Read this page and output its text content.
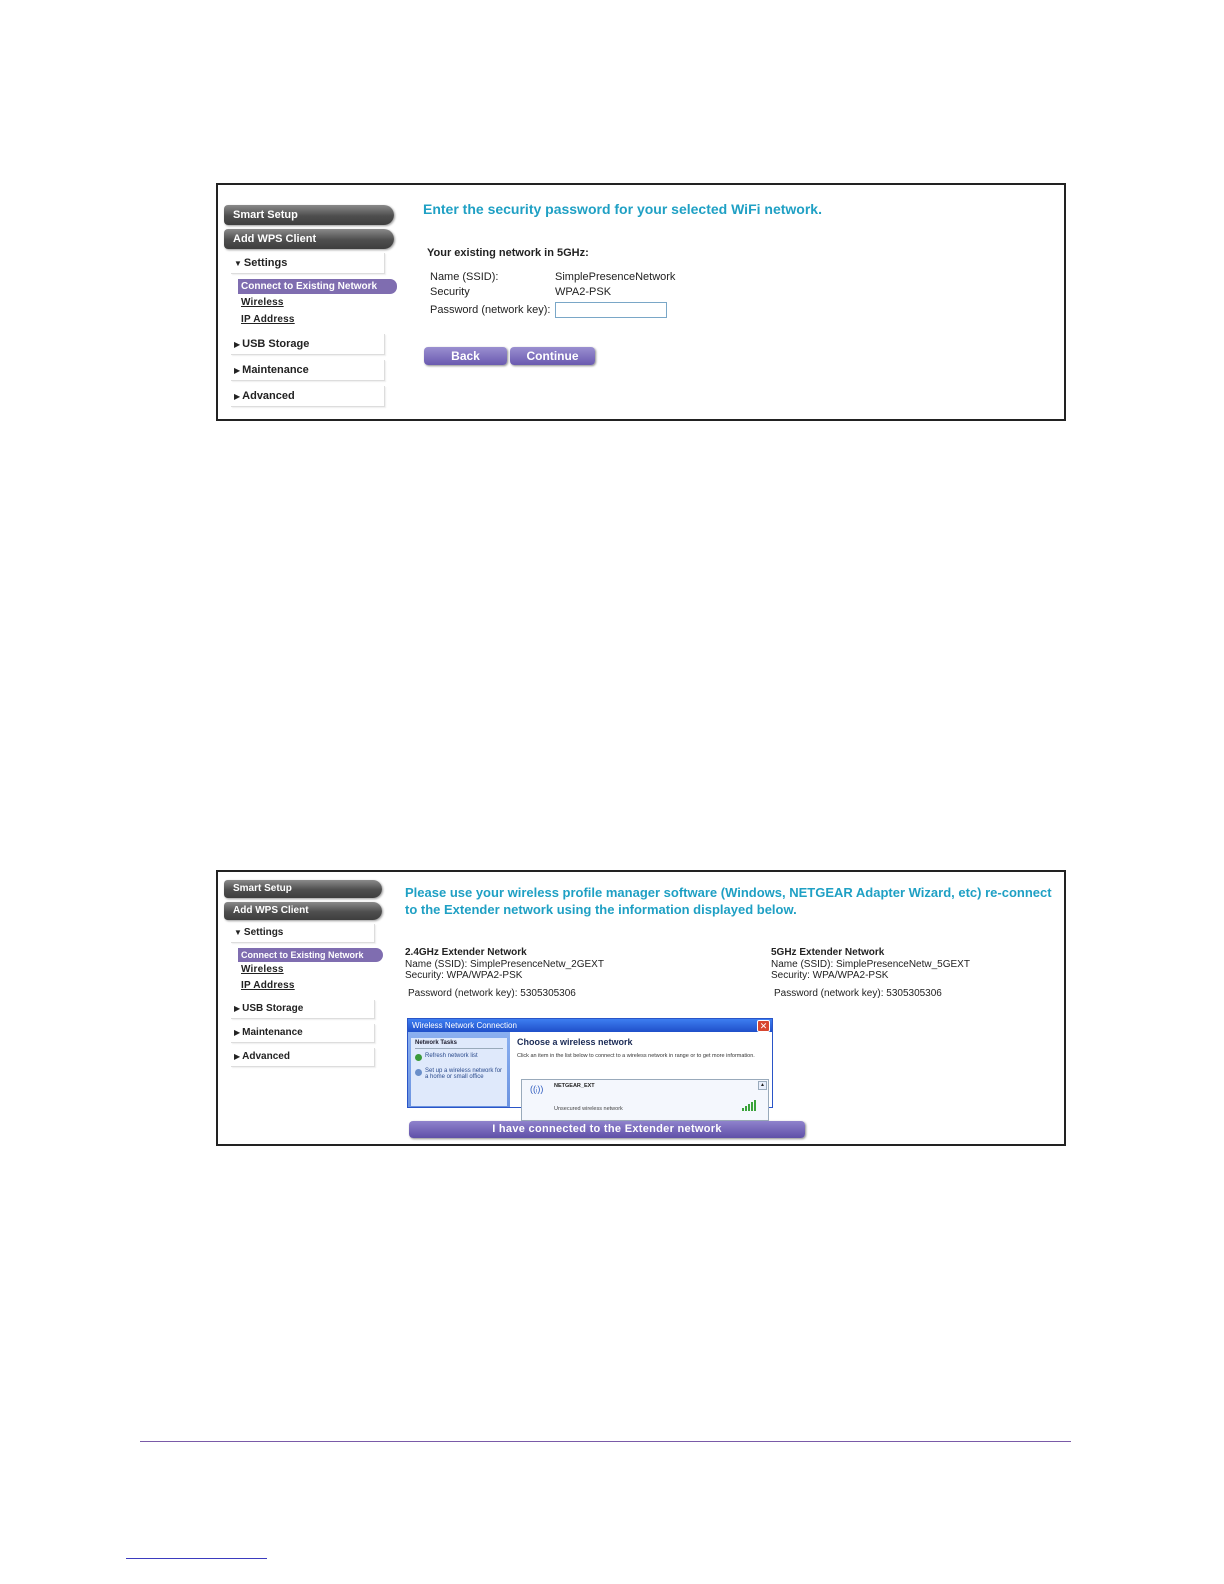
Smart Setup
Add WPS Client
▼ Settings
Connect to Existing Network
Wireless
IP Address
▶ USB Storage
▶ Maintenance
▶ Advanced
Enter the security password for your selected WiFi network.
Your existing network in 5GHz:
Name (SSID):	SimplePresenceNetwork
Security	WPA2-PSK
Password (network key):
Back	Continue
Smart Setup
Add WPS Client
▼ Settings
Connect to Existing Network
Wireless
IP Address
▶ USB Storage
▶ Maintenance
▶ Advanced
Please use your wireless profile manager software (Windows, NETGEAR Adapter Wizard, etc) re-connect to the Extender network using the information displayed below.
2.4GHz Extender Network
Name (SSID): SimplePresenceNetw_2GEXT
Security: WPA/WPA2-PSK
Password (network key): 5305305306
5GHz Extender Network
Name (SSID): SimplePresenceNetw_5GEXT
Security: WPA/WPA2-PSK
Password (network key): 5305305306
Wireless Network Connection	✕
Network Tasks
Refresh network list
Set up a wireless network for a home or small office
Choose a wireless network
Click an item in the list below to connect to a wireless network in range or to get more information.
((ᵢ)) NETGEAR_EXT
Unsecured wireless network
▲
I have connected to the Extender network
